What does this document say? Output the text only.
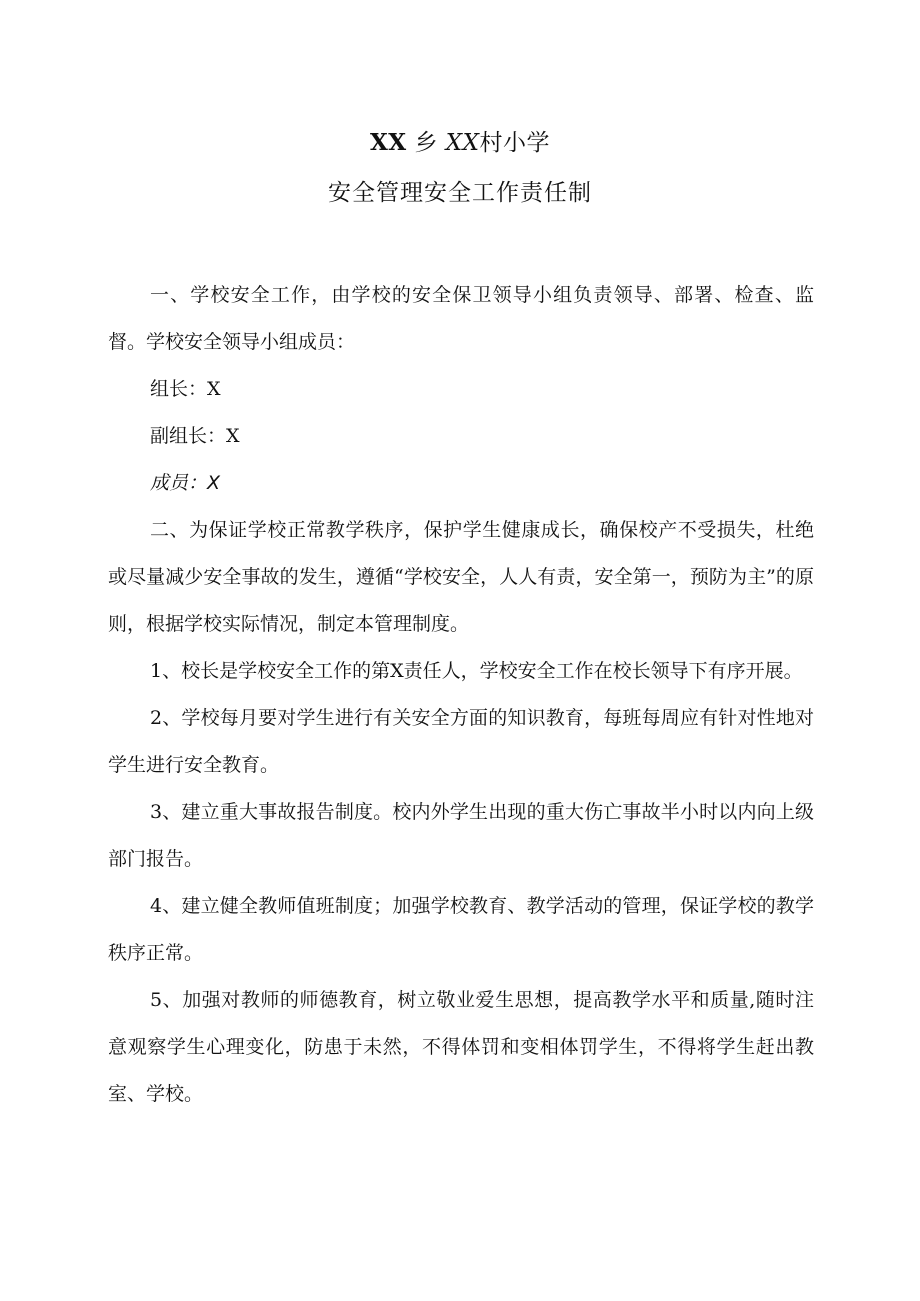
XX 乡 XX村小学
安全管理安全工作责任制

一、学校安全工作，由学校的安全保卫领导小组负责领导、部署、检查、监督。学校安全领导小组成员：

组长：X

副组长：X

成员：X

二、为保证学校正常教学秩序，保护学生健康成长，确保校产不受损失，杜绝或尽量减少安全事故的发生，遵循“学校安全，人人有责，安全第一，预防为主”的原则，根据学校实际情况，制定本管理制度。

1、校长是学校安全工作的第X责任人，学校安全工作在校长领导下有序开展。

2、学校每月要对学生进行有关安全方面的知识教育，每班每周应有针对性地对学生进行安全教育。

3、建立重大事故报告制度。校内外学生出现的重大伤亡事故半小时以内向上级部门报告。

4、建立健全教师值班制度；加强学校教育、教学活动的管理，保证学校的教学秩序正常。

5、加强对教师的师德教育，树立敬业爱生思想，提高教学水平和质量,随时注意观察学生心理变化，防患于未然，不得体罚和变相体罚学生，不得将学生赶出教室、学校。
